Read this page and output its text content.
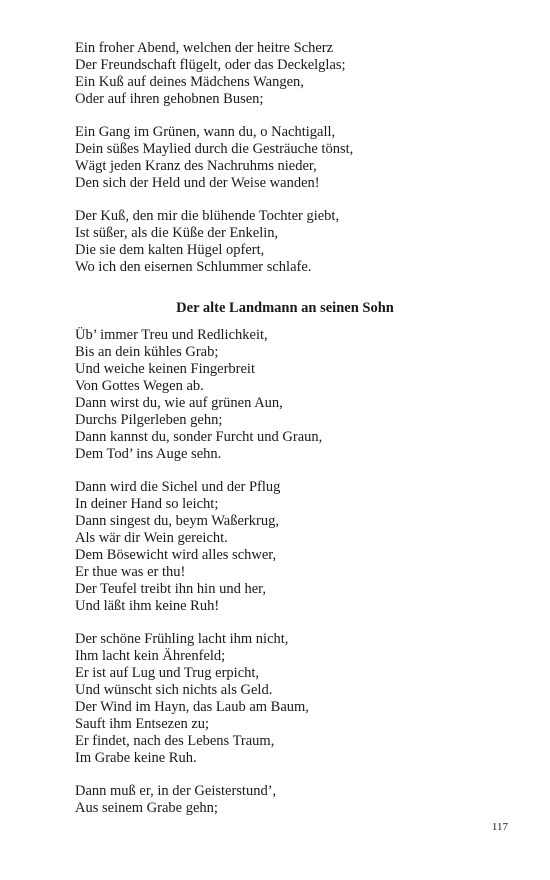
Ein froher Abend, welchen der heitre Scherz

Der Freundschaft flügelt, oder das Deckelglas;

Ein Kuß auf deines Mädchens Wangen,

Oder auf ihren gehobnen Busen;

Ein Gang im Grünen, wann du, o Nachtigall,

Dein süßes Maylied durch die Gesträuche tönst,

Wägt jeden Kranz des Nachruhms nieder,

Den sich der Held und der Weise wanden!

Der Kuß, den mir die blühende Tochter giebt,

Ist süßer, als die Küße der Enkelin,

Die sie dem kalten Hügel opfert,

Wo ich den eisernen Schlummer schlafe.

Der alte Landmann an seinen Sohn

Üb’ immer Treu und Redlichkeit,

Bis an dein kühles Grab;

Und weiche keinen Fingerbreit

Von Gottes Wegen ab.

Dann wirst du, wie auf grünen Aun,

Durchs Pilgerleben gehn;

Dann kannst du, sonder Furcht und Graun,

Dem Tod’ ins Auge sehn.

Dann wird die Sichel und der Pflug

In deiner Hand so leicht;

Dann singest du, beym Waßerkrug,

Als wär dir Wein gereicht.

Dem Bösewicht wird alles schwer,

Er thue was er thu!

Der Teufel treibt ihn hin und her,

Und läßt ihm keine Ruh!

Der schöne Frühling lacht ihm nicht,

Ihm lacht kein Ährenfeld;

Er ist auf Lug und Trug erpicht,

Und wünscht sich nichts als Geld.

Der Wind im Hayn, das Laub am Baum,

Sauft ihm Entsezen zu;

Er findet, nach des Lebens Traum,

Im Grabe keine Ruh.

Dann muß er, in der Geisterstund’,

Aus seinem Grabe gehn;

117
